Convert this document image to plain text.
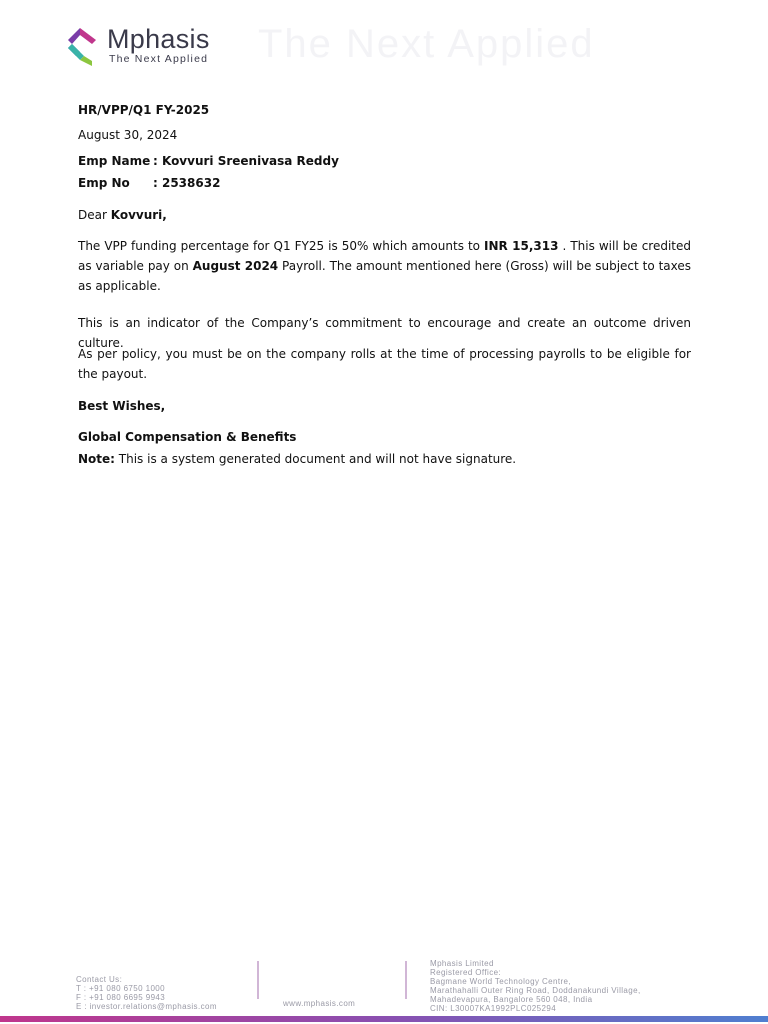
The Next Applied
Mphasis
The Next Applied
HR/VPP/Q1 FY-2025
August 30, 2024
Emp Name : Kovvuri Sreenivasa Reddy
Emp No : 2538632
Dear Kovvuri,
The VPP funding percentage for Q1 FY25 is 50% which amounts to INR 15,313 . This will be credited as variable pay on August 2024 Payroll. The amount mentioned here (Gross) will be subject to taxes as applicable.
This is an indicator of the Company’s commitment to encourage and create an outcome driven culture.
As per policy, you must be on the company rolls at the time of processing payrolls to be eligible for the payout.
Best Wishes,
Global Compensation & Benefits
Note: This is a system generated document and will not have signature.
Contact Us:
T : +91 080 6750 1000
F : +91 080 6695 9943
E : investor.relations@mphasis.com	www.mphasis.com
Mphasis Limited
Registered Office:
Bagmane World Technology Centre,
Marathahalli Outer Ring Road, Doddanakundi Village,
Mahadevapura, Bangalore 560 048, India
CIN: L30007KA1992PLC025294
